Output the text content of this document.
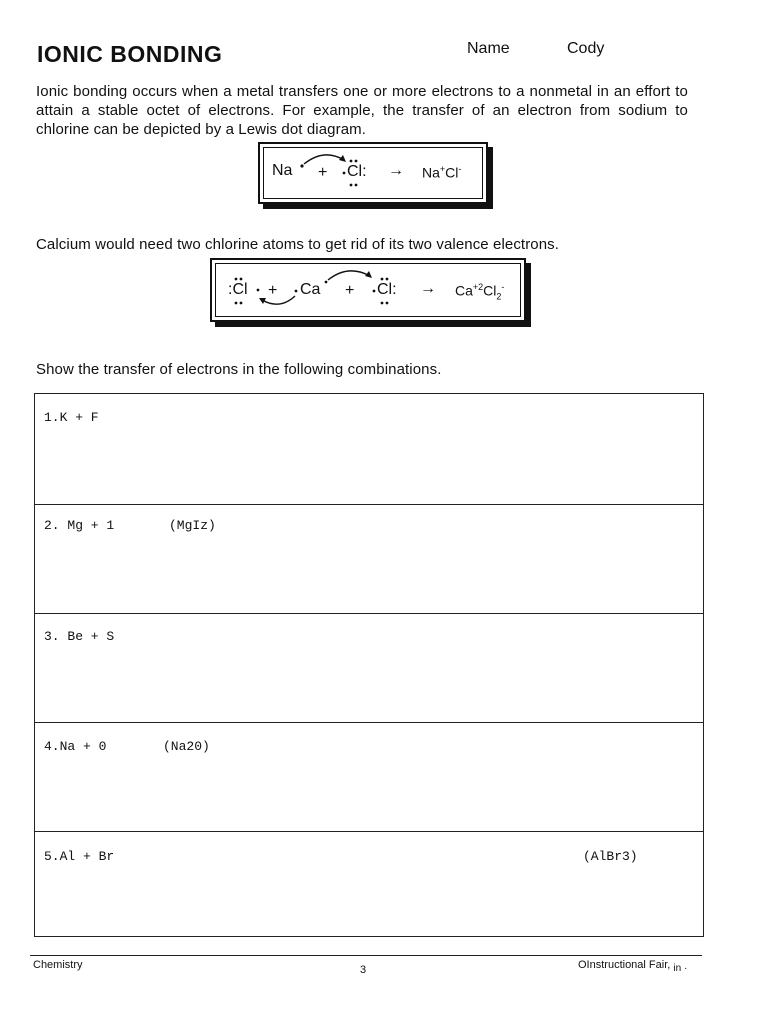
IONIC BONDING	Name	Cody
Ionic bonding occurs when a metal transfers one or more electrons to a nonmetal in an effort to attain a stable octet of electrons. For example, the transfer of an electron from sodium to chlorine can be depicted by a Lewis dot diagram.
Na + Cl: → Na+Cl-
Calcium would need two chlorine atoms to get rid of its two valence electrons.
:Cl + Ca + Cl: → $Ca^{+2}Cl_2^-$
Show the transfer of electrons in the following combinations.
1.K + F
2. Mg + 1	(MgIz)
3. Be + S
4.Na + 0	(Na20)
5.Al + Br	(AlBr3)
Chemistry	3	OInstructional Fair, in ·
